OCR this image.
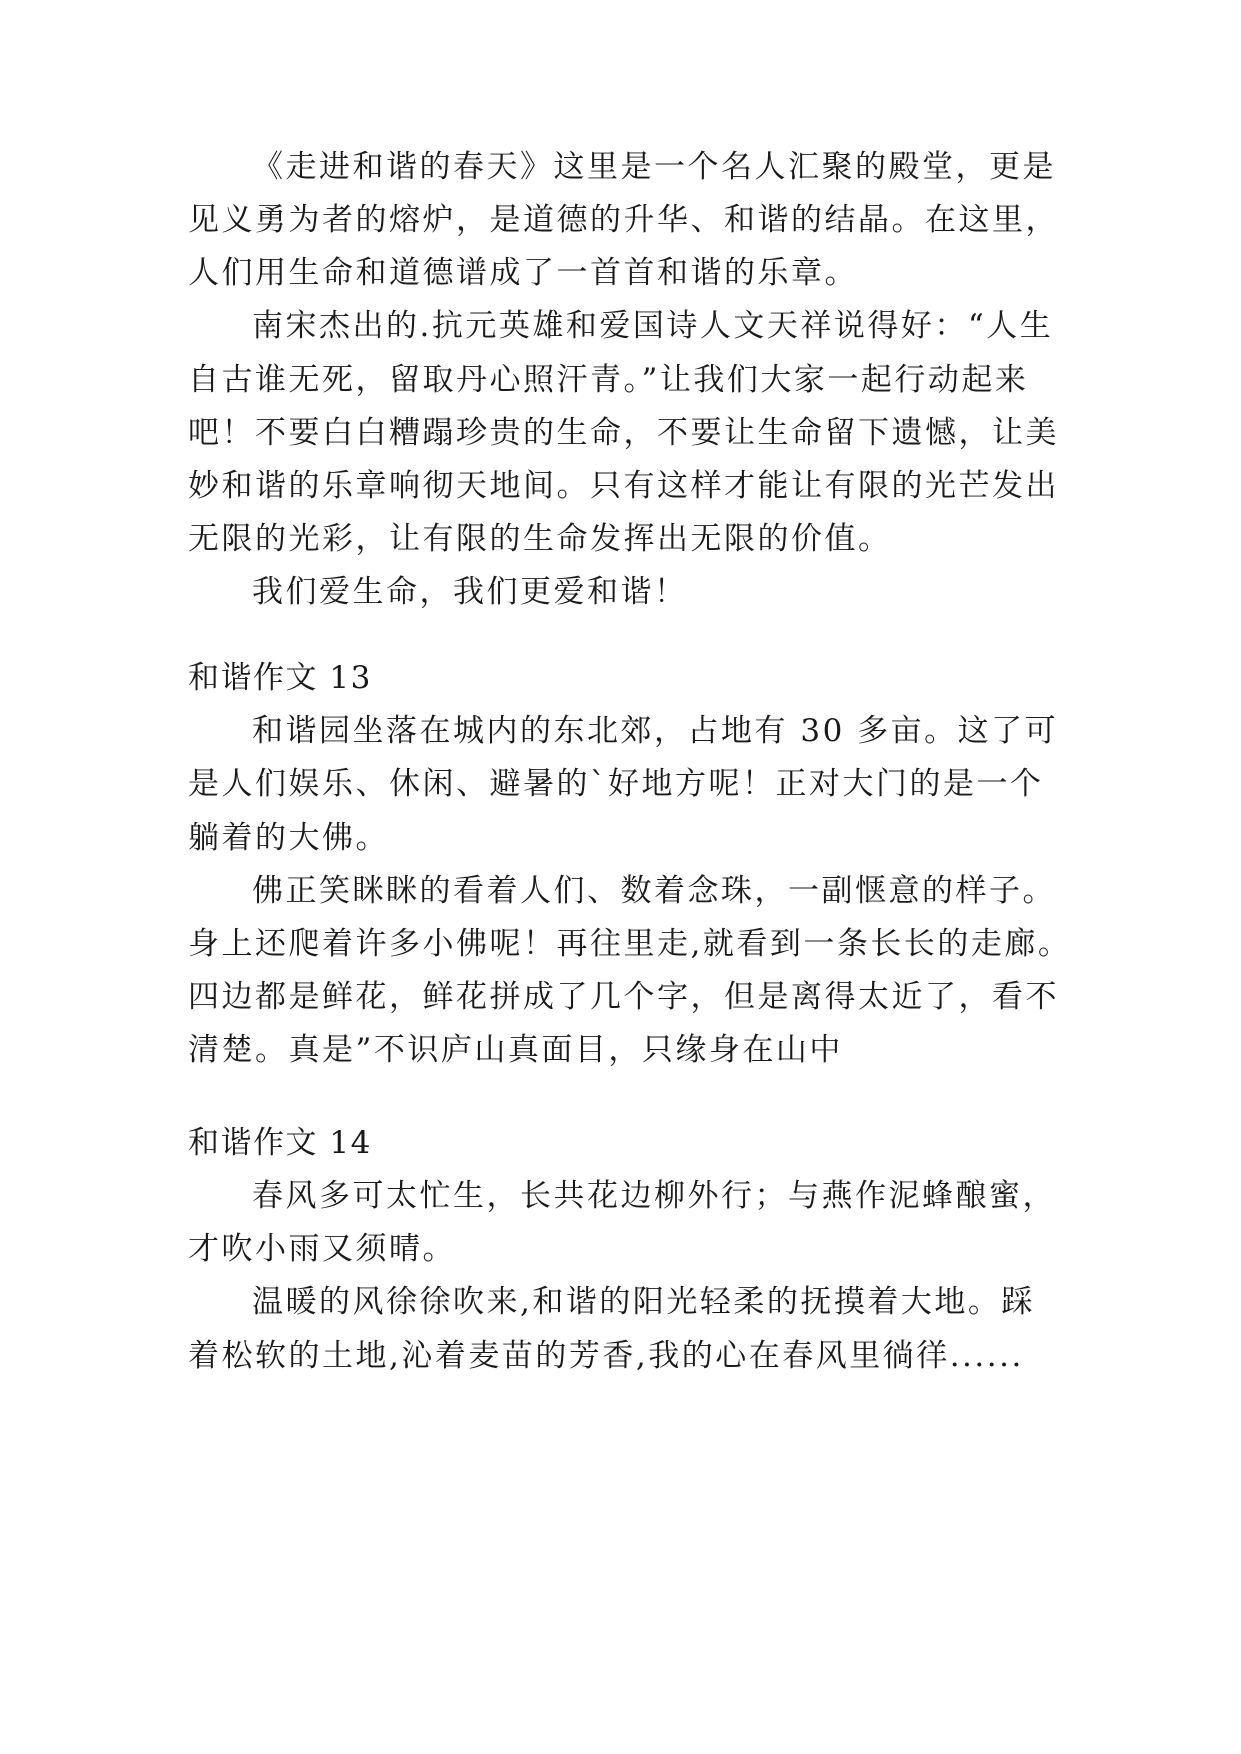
《走进和谐的春天》这里是一个名人汇聚的殿堂，更是
见义勇为者的熔炉，是道德的升华、和谐的结晶。在这里，
人们用生命和道德谱成了一首首和谐的乐章。
南宋杰出的.抗元英雄和爱国诗人文天祥说得好：“人生
自古谁无死，留取丹心照汗青。”让我们大家一起行动起来
吧！不要白白糟蹋珍贵的生命，不要让生命留下遗憾，让美
妙和谐的乐章响彻天地间。只有这样才能让有限的光芒发出
无限的光彩，让有限的生命发挥出无限的价值。
我们爱生命，我们更爱和谐！
和谐作文 13
和谐园坐落在城内的东北郊，占地有 30 多亩。这了可
是人们娱乐、休闲、避暑的`好地方呢！正对大门的是一个
躺着的大佛。
佛正笑眯眯的看着人们、数着念珠，一副惬意的样子。
身上还爬着许多小佛呢！再往里走,就看到一条长长的走廊。
四边都是鲜花，鲜花拼成了几个字，但是离得太近了，看不
清楚。真是”不识庐山真面目，只缘身在山中
和谐作文 14
春风多可太忙生，长共花边柳外行；与燕作泥蜂酿蜜，
才吹小雨又须晴。
温暖的风徐徐吹来,和谐的阳光轻柔的抚摸着大地。踩
着松软的土地,沁着麦苗的芳香,我的心在春风里徜徉......
